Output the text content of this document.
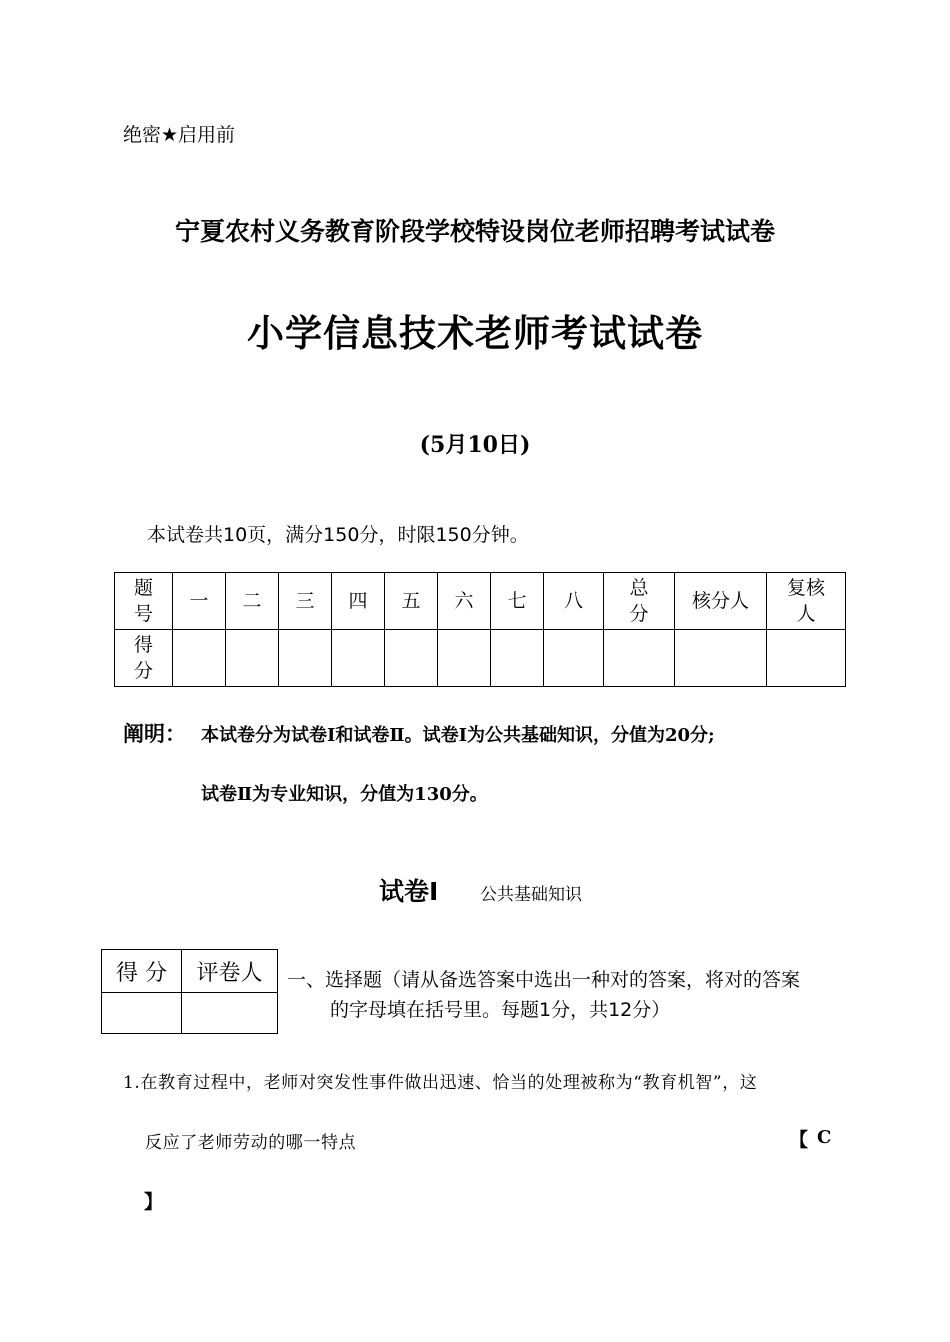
绝密★启用前
宁夏农村义务教育阶段学校特设岗位老师招聘考试试卷
小学信息技术老师考试试卷
(5月10日)
本试卷共10页，满分150分，时限150分钟。
题号	一	二	三	四	五	六	七	八	总分	核分人	复核人
得分											
阐明： 本试卷分为试卷Ⅰ和试卷Ⅱ。试卷Ⅰ为公共基础知识，分值为20分;
试卷Ⅱ为专业知识，分值为130分。
试卷Ⅰ 公共基础知识
得 分	评卷人
	一、选择题（请从备选答案中选出一种对的答案，将对的答案
的字母填在括号里。每题1分，共12分）
1.在教育过程中，老师对突发性事件做出迅速、恰当的处理被称为“教育机智”，这
反应了老师劳动的哪一特点	【 C
】
